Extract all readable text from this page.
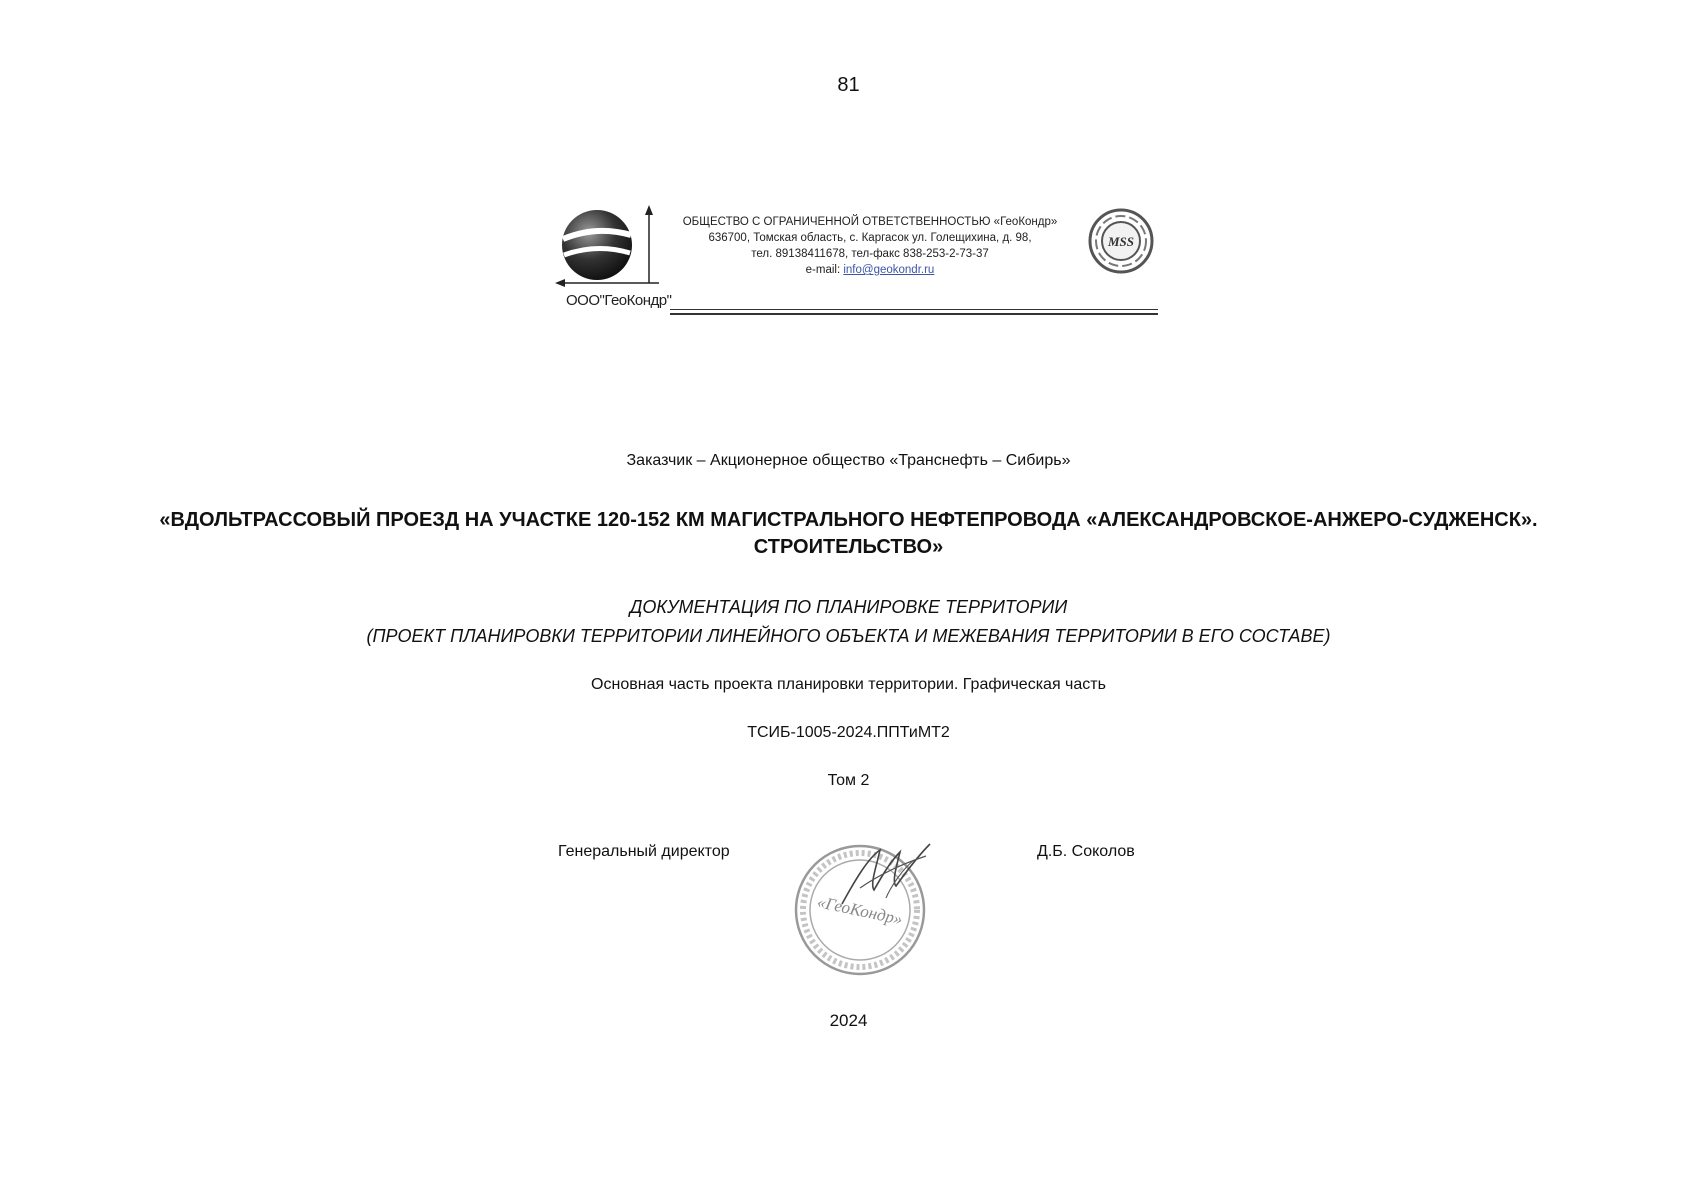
81
ООО"ГеоКондр"
ОБЩЕСТВО С ОГРАНИЧЕННОЙ ОТВЕТСТВЕННОСТЬЮ «ГеоКондр»
636700, Томская область, с. Каргасок ул. Голещихина, д. 98,
тел. 89138411678, тел-факс 838-253-2-73-37
e-mail: info@geokondr.ru
MSS
Заказчик – Акционерное общество «Транснефть – Сибирь»
«ВДОЛЬТРАССОВЫЙ ПРОЕЗД НА УЧАСТКЕ 120-152 КМ МАГИСТРАЛЬНОГО НЕФТЕПРОВОДА «АЛЕКСАНДРОВСКОЕ-АНЖЕРО-СУДЖЕНСК».
СТРОИТЕЛЬСТВО»
ДОКУМЕНТАЦИЯ ПО ПЛАНИРОВКЕ ТЕРРИТОРИИ
(ПРОЕКТ ПЛАНИРОВКИ ТЕРРИТОРИИ ЛИНЕЙНОГО ОБЪЕКТА И МЕЖЕВАНИЯ ТЕРРИТОРИИ В ЕГО СОСТАВЕ)
Основная часть проекта планировки территории. Графическая часть
ТСИБ-1005-2024.ППТиМТ2
Том 2
Генеральный директор
«ГеоКондр»
Д.Б. Соколов
2024
